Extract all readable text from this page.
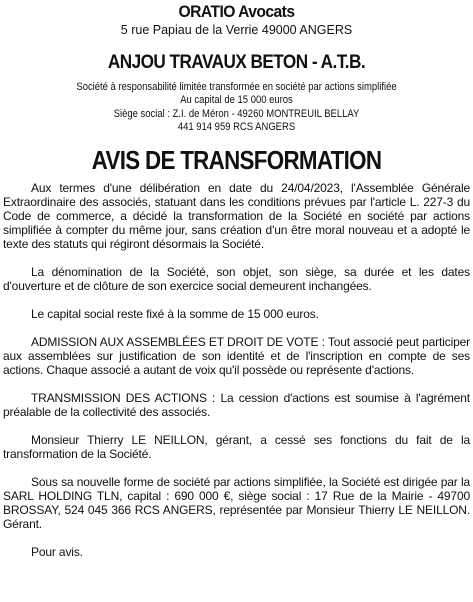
ORATIO Avocats
5 rue Papiau de la Verrie 49000 ANGERS
ANJOU TRAVAUX BETON - A.T.B.
Société à responsabilité limitée transformée en société par actions simplifiée
Au capital de 15 000 euros
Siège social : Z.I. de Méron - 49260 MONTREUIL BELLAY
441 914 959 RCS ANGERS
AVIS DE TRANSFORMATION

Aux termes d'une délibération en date du 24/04/2023, l'Assemblée Générale Extraordinaire des associés, statuant dans les conditions prévues par l'article L. 227-3 du Code de commerce, a décidé la transformation de la Société en société par actions simplifiée à compter du même jour, sans création d'un être moral nouveau et a adopté le texte des statuts qui régiront désormais la Société.

La dénomination de la Société, son objet, son siège, sa durée et les dates d'ouverture et de clôture de son exercice social demeurent inchangées.

Le capital social reste fixé à la somme de 15 000 euros.

ADMISSION AUX ASSEMBLÉES ET DROIT DE VOTE : Tout associé peut participer aux assemblées sur justification de son identité et de l'inscription en compte de ses actions. Chaque associé a autant de voix qu'il possède ou représente d'actions.

TRANSMISSION DES ACTIONS : La cession d'actions est soumise à l'agrément préalable de la collectivité des associés.

Monsieur Thierry LE NEILLON, gérant, a cessé ses fonctions du fait de la transformation de la Société.

Sous sa nouvelle forme de société par actions simplifiée, la Société est dirigée par la SARL HOLDING TLN, capital : 690 000 €, siège social : 17 Rue de la Mairie - 49700 BROSSAY, 524 045 366 RCS ANGERS, représentée par Monsieur Thierry LE NEILLON. Gérant.

Pour avis.
